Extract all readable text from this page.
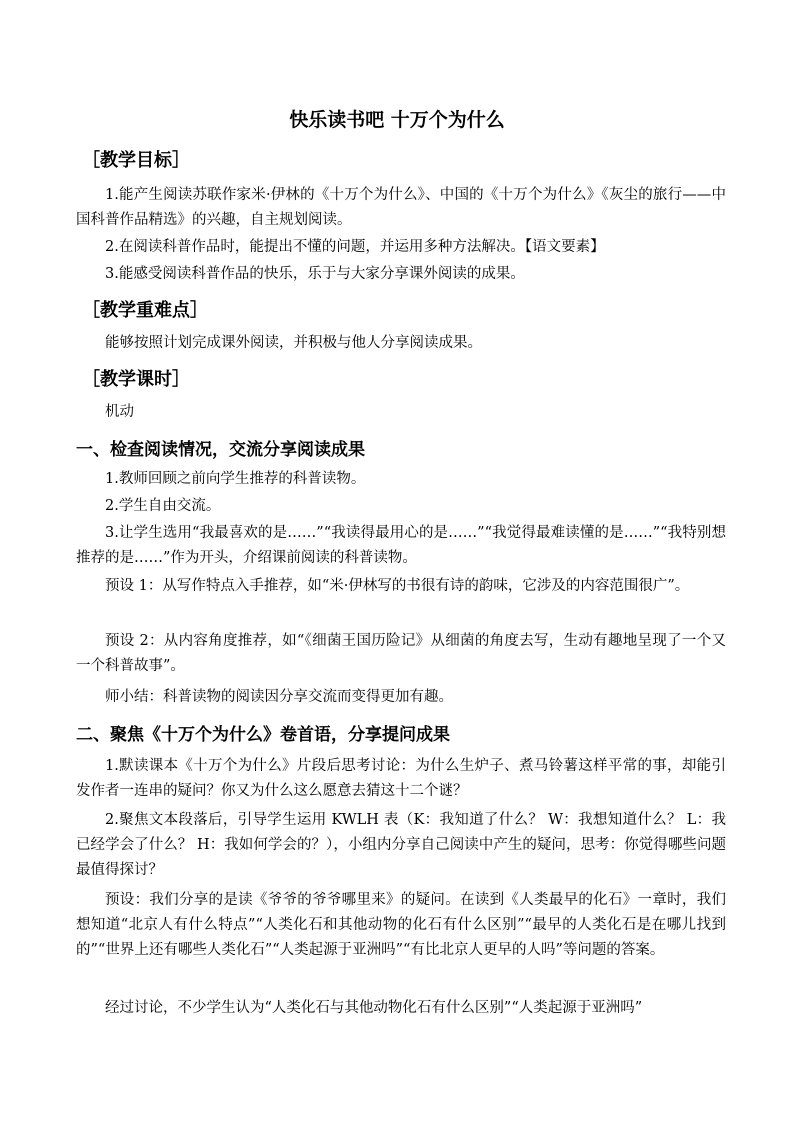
快乐读书吧 十万个为什么
［教学目标］
1.能产生阅读苏联作家米·伊林的《十万个为什么》、中国的《十万个为什么》《灰尘的旅行——中国科普作品精选》的兴趣，自主规划阅读。
2.在阅读科普作品时，能提出不懂的问题，并运用多种方法解决。【语文要素】
3.能感受阅读科普作品的快乐，乐于与大家分享课外阅读的成果。
［教学重难点］
能够按照计划完成课外阅读，并积极与他人分享阅读成果。
［教学课时］
机动
一、检查阅读情况，交流分享阅读成果
1.教师回顾之前向学生推荐的科普读物。
2.学生自由交流。
3.让学生选用“我最喜欢的是……”“我读得最用心的是……”“我觉得最难读懂的是……”“我特别想推荐的是……”作为开头，介绍课前阅读的科普读物。
预设 1：从写作特点入手推荐，如“米·伊林写的书很有诗的韵味，它涉及的内容范围很广”。
预设 2：从内容角度推荐，如“《细菌王国历险记》从细菌的角度去写，生动有趣地呈现了一个又一个科普故事”。
师小结：科普读物的阅读因分享交流而变得更加有趣。
二、聚焦《十万个为什么》卷首语，分享提问成果
1.默读课本《十万个为什么》片段后思考讨论：为什么生炉子、煮马铃薯这样平常的事，却能引发作者一连串的疑问？你又为什么这么愿意去猜这十二个谜？
2.聚焦文本段落后，引导学生运用 KWLH 表（K：我知道了什么？ W：我想知道什么？ L：我已经学会了什么？ H：我如何学会的？），小组内分享自己阅读中产生的疑问，思考：你觉得哪些问题最值得探讨？
预设：我们分享的是读《爷爷的爷爷哪里来》的疑问。在读到《人类最早的化石》一章时，我们想知道“北京人有什么特点”“人类化石和其他动物的化石有什么区别”“最早的人类化石是在哪儿找到的”“世界上还有哪些人类化石”“人类起源于亚洲吗”“有比北京人更早的人吗”等问题的答案。
经过讨论，不少学生认为“人类化石与其他动物化石有什么区别”“人类起源于亚洲吗”
